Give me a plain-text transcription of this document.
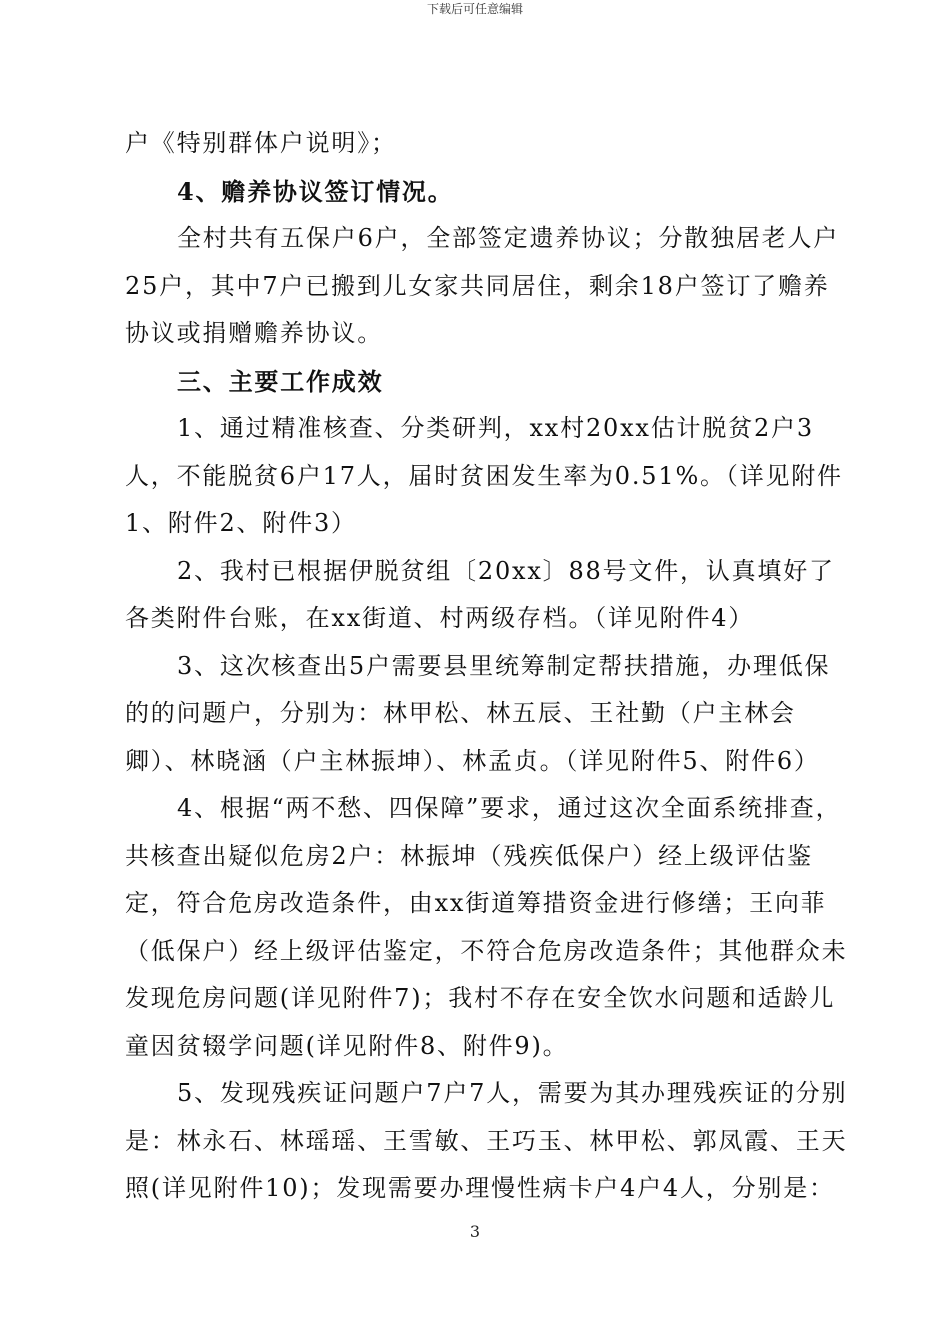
下载后可任意编辑

户《特别群体户说明》；

4、赡养协议签订情况。

全村共有五保户6户，全部签定遗养协议；分散独居老人户25户，其中7户已搬到儿女家共同居住，剩余18户签订了赡养协议或捐赠赡养协议。

三、主要工作成效

1、通过精准核查、分类研判，xx村20xx估计脱贫2户3人，不能脱贫6户17人，届时贫困发生率为0.51%。（详见附件1、附件2、附件3）

2、我村已根据伊脱贫组〔20xx〕88号文件，认真填好了各类附件台账，在xx街道、村两级存档。（详见附件4）

3、这次核查出5户需要县里统筹制定帮扶措施，办理低保的的问题户，分别为：林甲松、林五辰、王社勤（户主林会卿）、林晓涵（户主林振坤）、林孟贞。（详见附件5、附件6）

4、根据“两不愁、四保障”要求，通过这次全面系统排查，共核查出疑似危房2户：林振坤（残疾低保户）经上级评估鉴定，符合危房改造条件，由xx街道筹措资金进行修缮；王向菲（低保户）经上级评估鉴定，不符合危房改造条件；其他群众未发现危房问题(详见附件7)；我村不存在安全饮水问题和适龄儿童因贫辍学问题(详见附件8、附件9)。

5、发现残疾证问题户7户7人，需要为其办理残疾证的分别是：林永石、林瑶瑶、王雪敏、王巧玉、林甲松、郭凤霞、王天照(详见附件10)；发现需要办理慢性病卡户4户4人，分别是：

3
